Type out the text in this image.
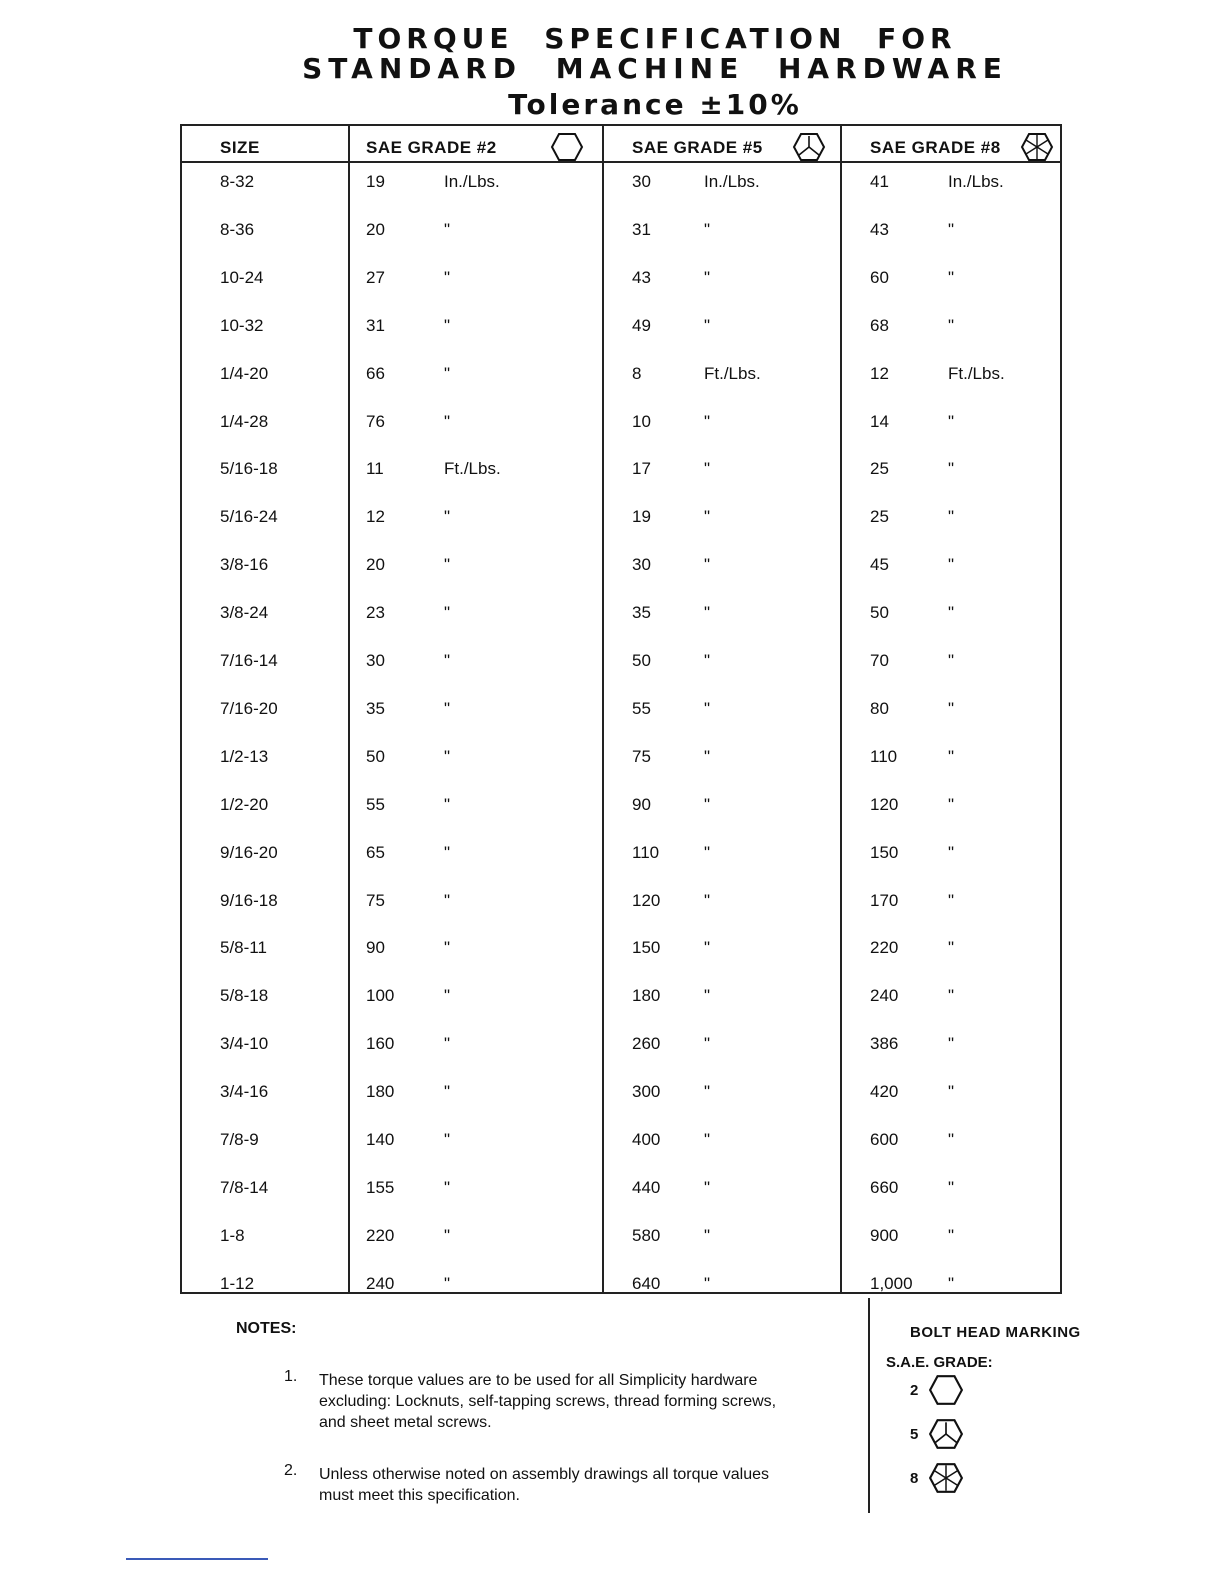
TORQUE SPECIFICATION FOR
STANDARD MACHINE HARDWARE
Tolerance ±10%
SIZE	SAE GRADE #2	SAE GRADE #5	SAE GRADE #8
8-32	19	In./Lbs.	30	In./Lbs.	41	In./Lbs.
8-36	20	"	31	"	43	"
10-24	27	"	43	"	60	"
10-32	31	"	49	"	68	"
1/4-20	66	"	8	Ft./Lbs.	12	Ft./Lbs.
1/4-28	76	"	10	"	14	"
5/16-18	11	Ft./Lbs.	17	"	25	"
5/16-24	12	"	19	"	25	"
3/8-16	20	"	30	"	45	"
3/8-24	23	"	35	"	50	"
7/16-14	30	"	50	"	70	"
7/16-20	35	"	55	"	80	"
1/2-13	50	"	75	"	110	"
1/2-20	55	"	90	"	120	"
9/16-20	65	"	110	"	150	"
9/16-18	75	"	120	"	170	"
5/8-11	90	"	150	"	220	"
5/8-18	100	"	180	"	240	"
3/4-10	160	"	260	"	386	"
3/4-16	180	"	300	"	420	"
7/8-9	140	"	400	"	600	"
7/8-14	155	"	440	"	660	"
1-8	220	"	580	"	900	"
1-12	240	"	640	"	1,000 "
NOTES:
1. These torque values are to be used for all Simplicity hardware
excluding: Locknuts, self-tapping screws, thread forming screws,
and sheet metal screws.
2. Unless otherwise noted on assembly drawings all torque values
must meet this specification.
BOLT HEAD MARKING
S.A.E. GRADE:
2
5
8
